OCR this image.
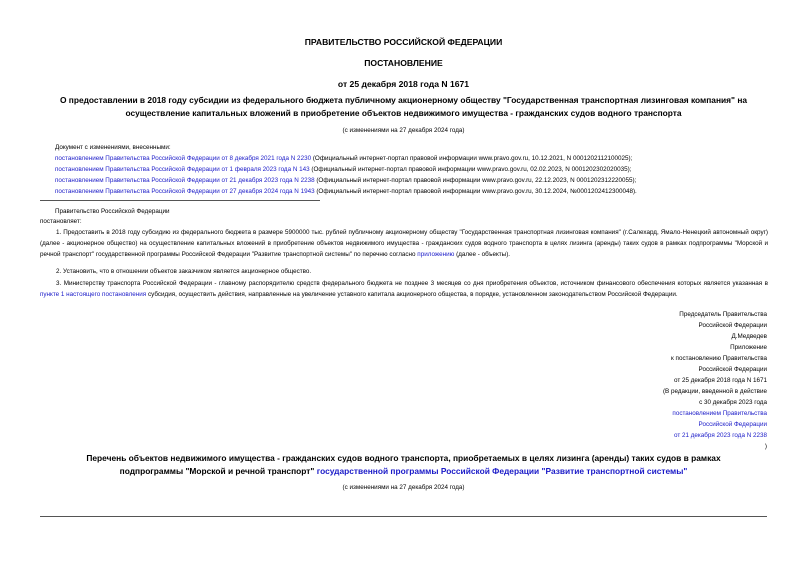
ПРАВИТЕЛЬСТВО РОССИЙСКОЙ ФЕДЕРАЦИИ
ПОСТАНОВЛЕНИЕ
от 25 декабря 2018 года N 1671
О предоставлении в 2018 году субсидии из федерального бюджета публичному акционерному обществу "Государственная транспортная лизинговая компания" на осуществление капитальных вложений в приобретение объектов недвижимого имущества - гражданских судов водного транспорта
(с изменениями на 27 декабря 2024 года)
Документ с изменениями, внесенными:
постановлением Правительства Российской Федерации от 8 декабря 2021 года N 2230 (Официальный интернет-портал правовой информации www.pravo.gov.ru, 10.12.2021, N 0001202112100025);
постановлением Правительства Российской Федерации от 1 февраля 2023 года N 143 (Официальный интернет-портал правовой информации www.pravo.gov.ru, 02.02.2023, N 0001202302020035);
постановлением Правительства Российской Федерации от 21 декабря 2023 года N 2238 (Официальный интернет-портал правовой информации www.pravo.gov.ru, 22.12.2023, N 0001202312220055);
постановлением Правительства Российской Федерации от 27 декабря 2024 года N 1943 (Официальный интернет-портал правовой информации www.pravo.gov.ru, 30.12.2024, №0001202412300048).
Правительство Российской Федерации
постановляет:
1. Предоставить в 2018 году субсидию из федерального бюджета в размере 5900000 тыс. рублей публичному акционерному обществу "Государственная транспортная лизинговая компания" (г.Салехард, Ямало-Ненецкий автономный округ) (далее - акционерное общество) на осуществление капитальных вложений в приобретение объектов недвижимого имущества - гражданских судов водного транспорта в целях лизинга (аренды) таких судов в рамках подпрограммы "Морской и речной транспорт" государственной программы Российской Федерации "Развитие транспортной системы" по перечню согласно приложению (далее - объекты).
2. Установить, что в отношении объектов заказчиком является акционерное общество.
3. Министерству транспорта Российской Федерации - главному распорядителю средств федерального бюджета не позднее 3 месяцев со дня приобретения объектов, источником финансового обеспечения которых является указанная в пункте 1 настоящего постановления субсидия, осуществить действия, направленные на увеличение уставного капитала акционерного общества, в порядке, установленном законодательством Российской Федерации.
Председатель Правительства
Российской Федерации
Д.Медведев
Приложение
к постановлению Правительства
Российской Федерации
от 25 декабря 2018 года N 1671
(В редакции, введенной в действие
с 30 декабря 2023 года
постановлением Правительства
Российской Федерации
от 21 декабря 2023 года N 2238
)
Перечень объектов недвижимого имущества - гражданских судов водного транспорта, приобретаемых в целях лизинга (аренды) таких судов в рамках
подпрограммы "Морской и речной транспорт" государственной программы Российской Федерации "Развитие транспортной системы"
(с изменениями на 27 декабря 2024 года)
